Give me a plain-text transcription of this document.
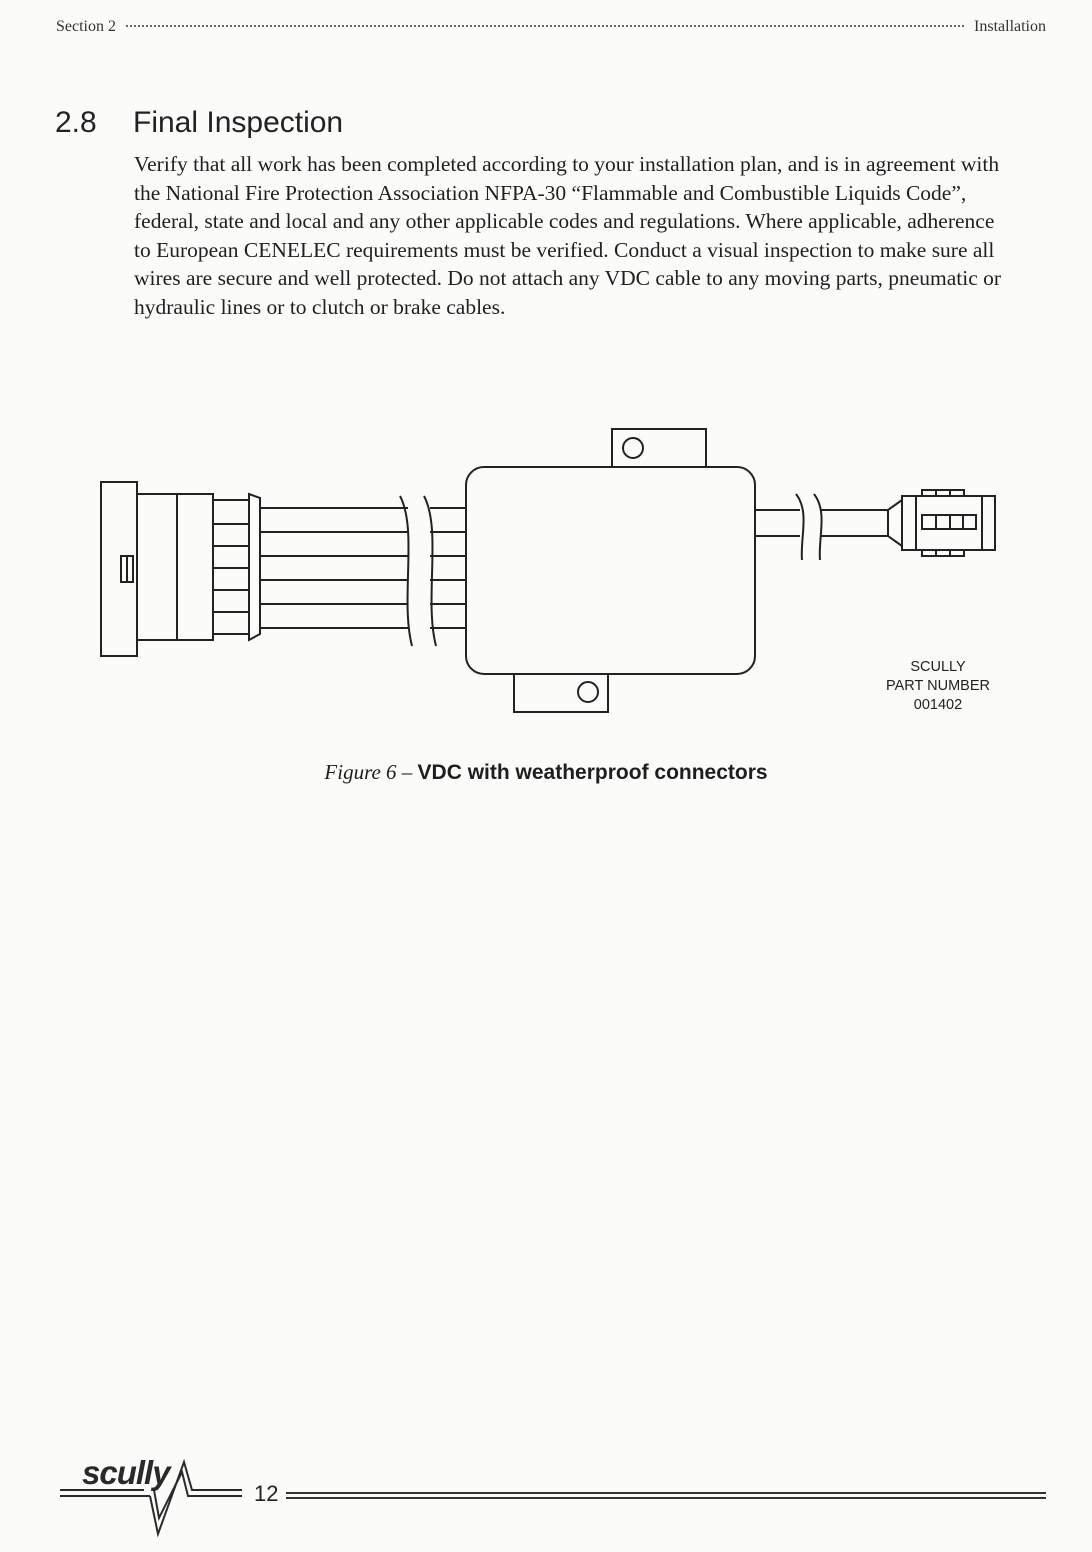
Section 2	Installation
2.8	Final Inspection

Verify that all work has been completed according to your installation plan, and is in agreement with the National Fire Protection Association NFPA-30 “Flammable and Combustible Liquids Code”, federal, state and local and any other applicable codes and regulations. Where applicable, adherence to European CENELEC requirements must be verified. Conduct a visual inspection to make sure all wires are secure and well protected. Do not attach any VDC cable to any moving parts, pneumatic or hydraulic lines or to clutch or brake cables.

SCULLY
PART NUMBER
001402
Figure 6 – VDC with weatherproof connectors
scully
12
